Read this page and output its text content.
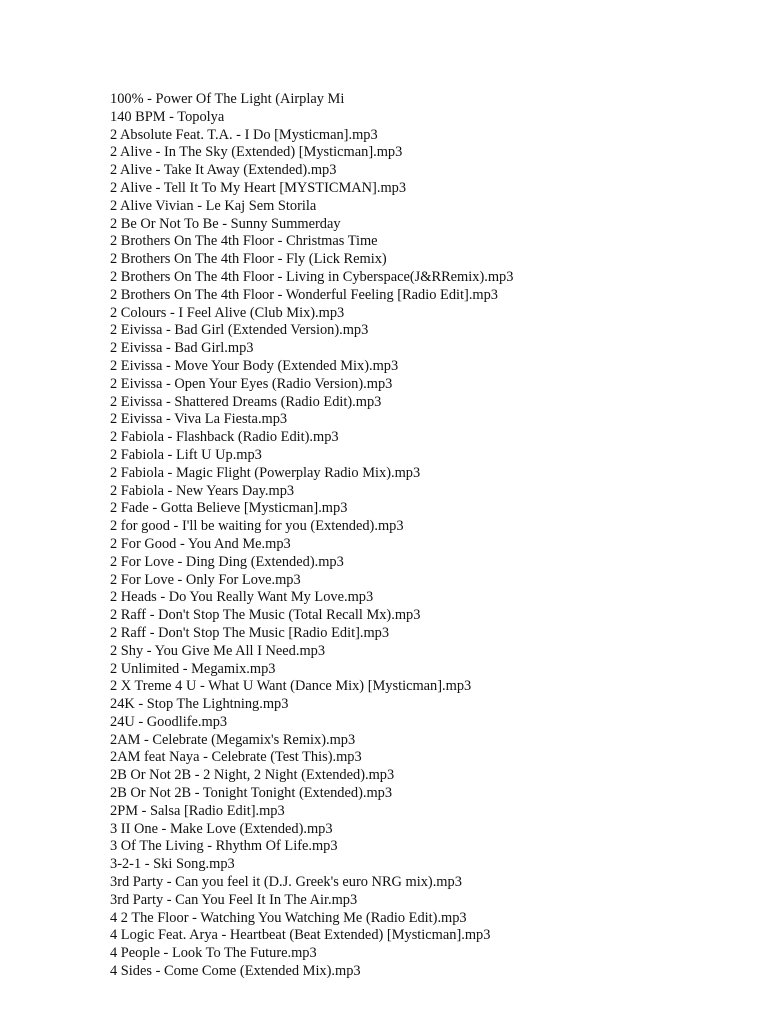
100% - Power Of The Light (Airplay Mi
140 BPM - Topolya
2 Absolute Feat. T.A. - I Do [Mysticman].mp3
2 Alive - In The Sky (Extended) [Mysticman].mp3
2 Alive - Take It Away (Extended).mp3
2 Alive - Tell It To My Heart [MYSTICMAN].mp3
2 Alive Vivian - Le Kaj Sem Storila
2 Be Or Not To Be - Sunny Summerday
2 Brothers On The 4th Floor - Christmas Time
2 Brothers On The 4th Floor - Fly (Lick Remix)
2 Brothers On The 4th Floor - Living in Cyberspace(J&RRemix).mp3
2 Brothers On The 4th Floor - Wonderful Feeling [Radio Edit].mp3
2 Colours - I Feel Alive (Club Mix).mp3
2 Eivissa - Bad Girl (Extended Version).mp3
2 Eivissa - Bad Girl.mp3
2 Eivissa - Move Your Body (Extended Mix).mp3
2 Eivissa - Open Your Eyes (Radio Version).mp3
2 Eivissa - Shattered Dreams (Radio Edit).mp3
2 Eivissa - Viva La Fiesta.mp3
2 Fabiola - Flashback (Radio Edit).mp3
2 Fabiola - Lift U Up.mp3
2 Fabiola - Magic Flight (Powerplay Radio Mix).mp3
2 Fabiola - New Years Day.mp3
2 Fade - Gotta Believe [Mysticman].mp3
2 for good - I'll be waiting for you (Extended).mp3
2 For Good - You And Me.mp3
2 For Love - Ding Ding (Extended).mp3
2 For Love - Only For Love.mp3
2 Heads - Do You Really Want My Love.mp3
2 Raff - Don't Stop The Music (Total Recall Mx).mp3
2 Raff - Don't Stop The Music [Radio Edit].mp3
2 Shy - You Give Me All I Need.mp3
2 Unlimited - Megamix.mp3
2 X Treme 4 U - What U Want (Dance Mix) [Mysticman].mp3
24K - Stop The Lightning.mp3
24U - Goodlife.mp3
2AM - Celebrate (Megamix's Remix).mp3
2AM feat Naya - Celebrate (Test This).mp3
2B Or Not 2B - 2 Night, 2 Night (Extended).mp3
2B Or Not 2B - Tonight Tonight (Extended).mp3
2PM - Salsa [Radio Edit].mp3
3 II One - Make Love (Extended).mp3
3 Of The Living - Rhythm Of Life.mp3
3-2-1 - Ski Song.mp3
3rd Party - Can you feel it (D.J. Greek's euro NRG mix).mp3
3rd Party - Can You Feel It In The Air.mp3
4 2 The Floor - Watching You Watching Me (Radio Edit).mp3
4 Logic Feat. Arya - Heartbeat (Beat Extended) [Mysticman].mp3
4 People - Look To The Future.mp3
4 Sides - Come Come (Extended Mix).mp3
